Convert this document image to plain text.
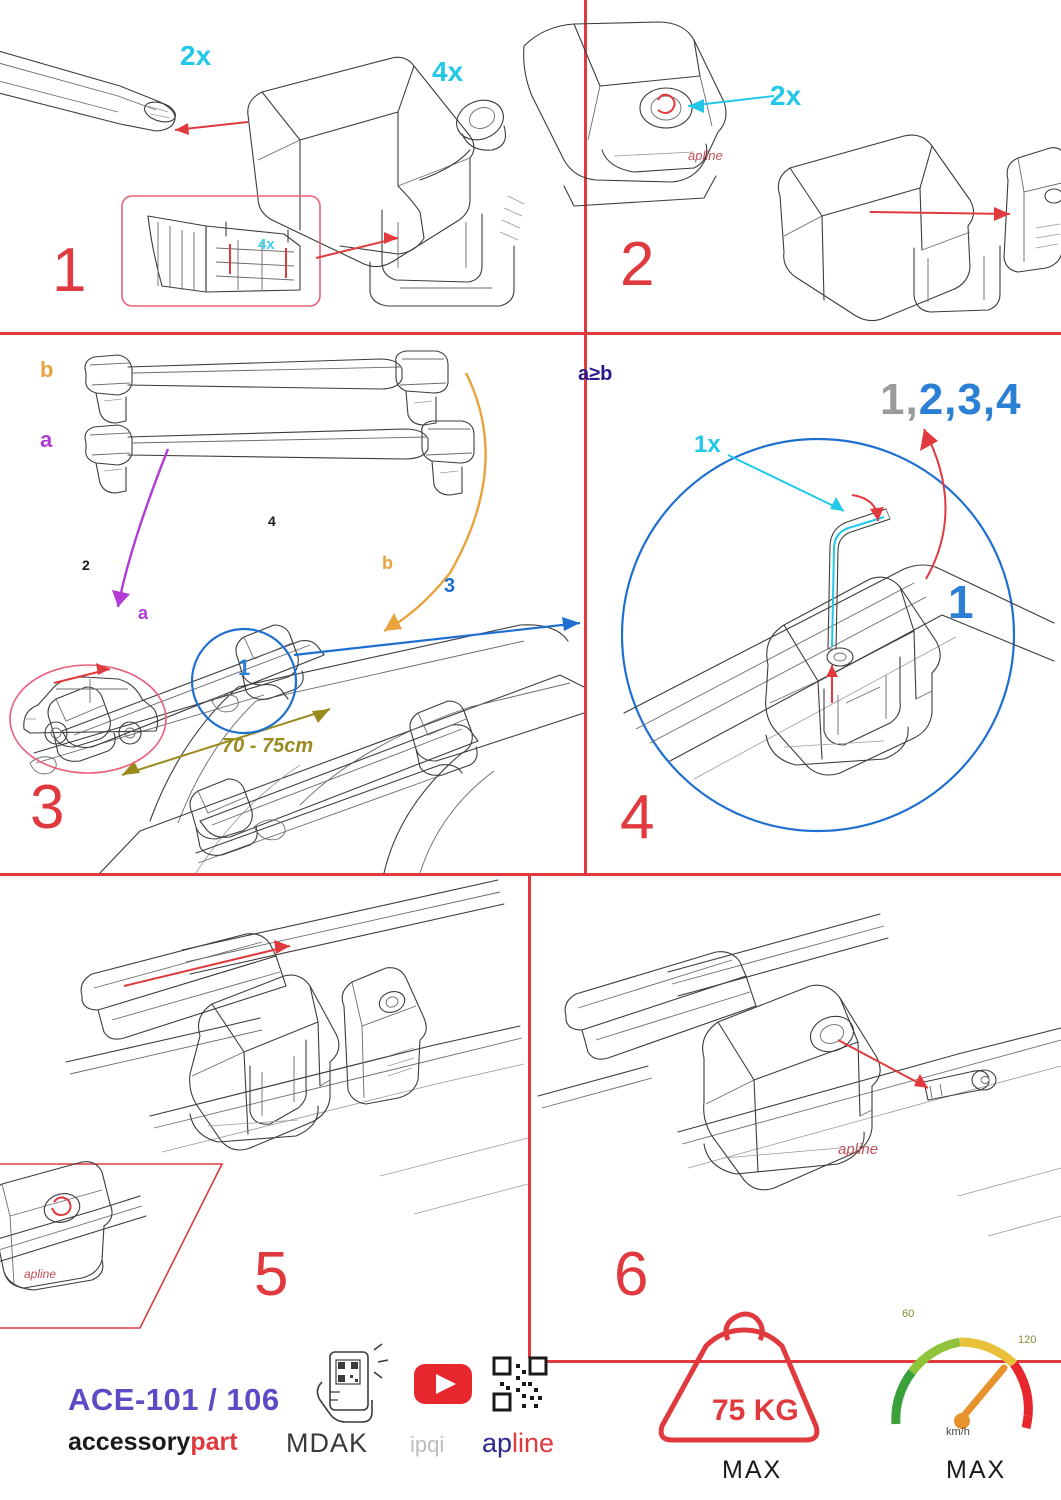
2x
4x
4x
1
apline
2x
2
b
a
a
b
70 - 75cm
1
2
3
4
3
a≥b
1x
1,2,3,4
1
4
apline	5
apline
6
ACE-101 / 106
accessorypart MDAK ipqi apline
75 KG
MAX	MAX
km/h
60
120
